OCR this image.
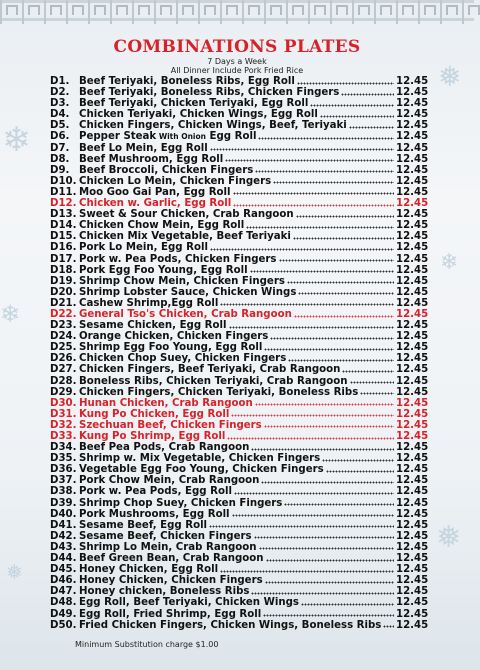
❄
❄
❅
❅
❄
❅
COMBINATIONS PLATES
7 Days a Week
All Dinner Include Pork Fried Rice
D1. Beef Teriyaki, Boneless Ribs, Egg Roll	12.45
D2. Beef Teriyaki, Boneless Ribs, Chicken Fingers	12.45
D3. Beef Teriyaki, Chicken Teriyaki, Egg Roll	12.45
D4. Chicken Teriyaki, Chicken Wings, Egg Roll	12.45
D5. Chicken Fingers, Chicken Wings, Beef, Teriyaki	12.45
D6. Pepper Steak With Onion Egg Roll	12.45
D7. Beef Lo Mein, Egg Roll	12.45
D8. Beef Mushroom, Egg Roll	12.45
D9. Beef Broccoli, Chicken Fingers	12.45
D10. Chicken Lo Mein, Chicken Fingers	12.45
D11. Moo Goo Gai Pan, Egg Roll	12.45
D12. Chicken w. Garlic, Egg Roll	12.45
D13. Sweet & Sour Chicken, Crab Rangoon	12.45
D14. Chicken Chow Mein, Egg Roll	12.45
D15. Chicken Mix Vegetable, Beef Teriyaki	12.45
D16. Pork Lo Mein, Egg Roll	12.45
D17. Pork w. Pea Pods, Chicken Fingers	12.45
D18. Pork Egg Foo Young, Egg Roll	12.45
D19. Shrimp Chow Mein, Chicken Fingers	12.45
D20. Shrimp Lobster Sauce, Chicken Wings	12.45
D21. Cashew Shrimp,Egg Roll	12.45
D22. General Tso's Chicken, Crab Rangoon	12.45
D23. Sesame Chicken, Egg Roll	12.45
D24. Orange Chicken, Chicken Fingers	12.45
D25. Shrimp Egg Foo Young, Egg Roll	12.45
D26. Chicken Chop Suey, Chicken Fingers	12.45
D27. Chicken Fingers, Beef Teriyaki, Crab Rangoon	12.45
D28. Boneless Ribs, Chicken Teriyaki, Crab Rangoon	12.45
D29. Chicken Fingers, Chicken Teriyaki, Boneless Ribs	12.45
D30. Hunan Chicken, Crab Rangoon	12.45
D31. Kung Po Chicken, Egg Roll	12.45
D32. Szechuan Beef, Chicken Fingers	12.45
D33. Kung Po Shrimp, Egg Roll	12.45
D34. Beef Pea Pods, Crab Rangoon	12.45
D35. Shrimp w. Mix Vegetable, Chicken Fingers	12.45
D36. Vegetable Egg Foo Young, Chicken Fingers	12.45
D37. Pork Chow Mein, Crab Rangoon	12.45
D38. Pork w. Pea Pods, Egg Roll	12.45
D39. Shrimp Chop Suey, Chicken Fingers	12.45
D40. Pork Mushrooms, Egg Roll	12.45
D41. Sesame Beef, Egg Roll	12.45
D42. Sesame Beef, Chicken Fingers	12.45
D43. Shrimp Lo Mein, Crab Rangoon	12.45
D44. Beef Green Bean, Crab Rangoon	12.45
D45. Honey Chicken, Egg Roll	12.45
D46. Honey Chicken, Chicken Fingers	12.45
D47. Honey chicken, Boneless Ribs	12.45
D48. Egg Roll, Beef Teriyaki, Chicken Wings	12.45
D49. Egg Roll, Fried Shrimp, Egg Roll	12.45
D50. Fried Chicken Fingers, Chicken Wings, Boneless Ribs 12.45
Minimum Substitution charge $1.00
